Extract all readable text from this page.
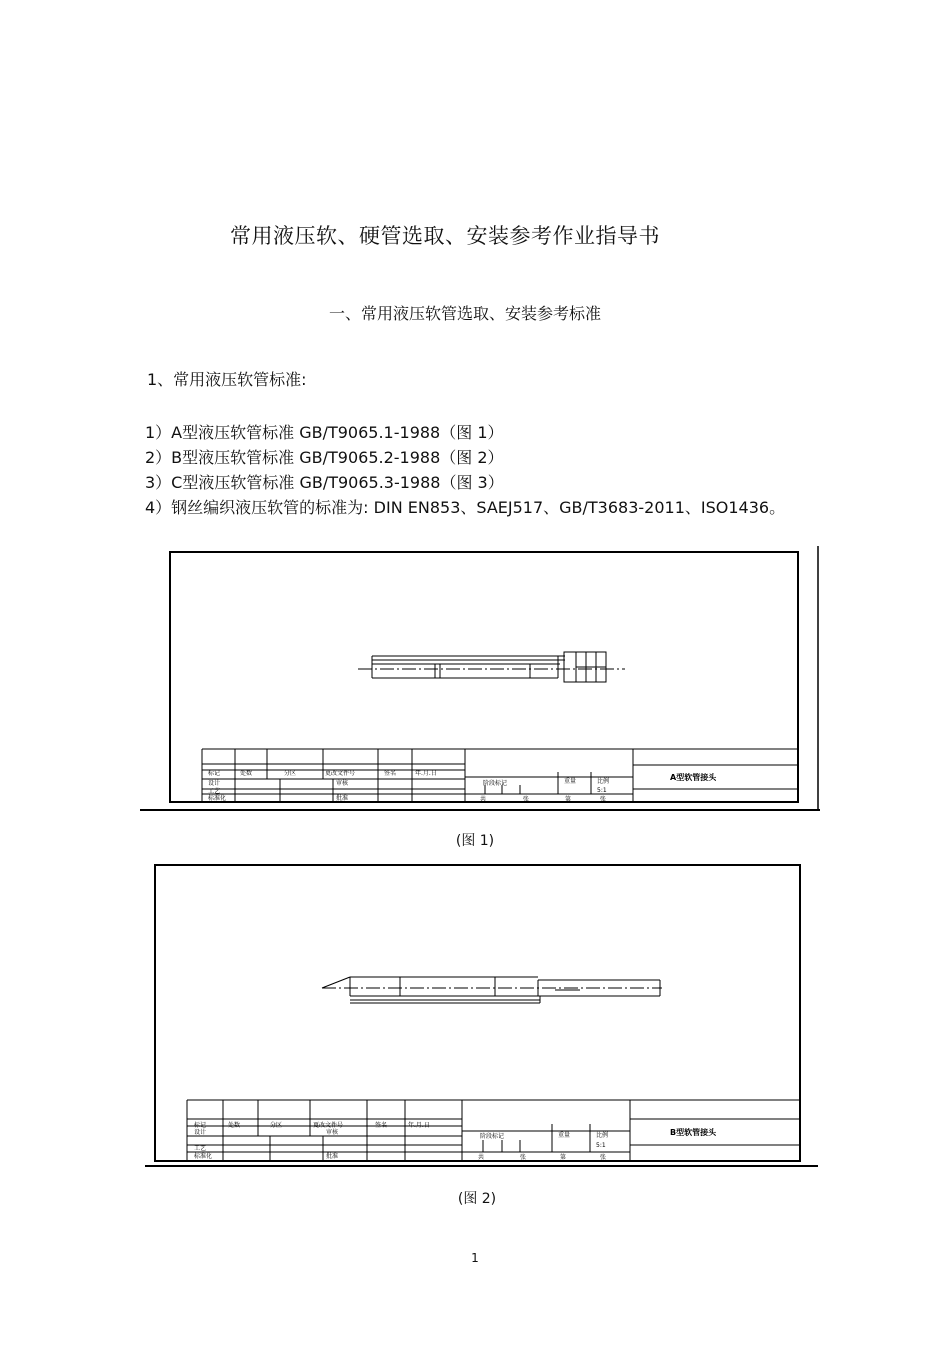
常用液压软、硬管选取、安装参考作业指导书
一、常用液压软管选取、安装参考标准
1、常用液压软管标准:
1）A型液压软管标准 GB/T9065.1-1988（图 1）
2）B型液压软管标准 GB/T9065.2-1988（图 2）
3）C型液压软管标准 GB/T9065.3-1988（图 3）
4）钢丝编织液压软管的标准为: DIN EN853、SAEJ517、GB/T3683-2011、ISO1436。
标记	处数	分区	更改文件号	签名	年.月.日
设计	审核
工艺
标准化	批准
阶段标记	重量	比例
5:1
共	张	第	张
A型软管接头
(图 1)
标记	处数	分区	更改文件号	签名	年.月.日
设计	审核
工艺
标准化	批准
阶段标记	重量	比例
5:1
共	张	第	张
B型软管接头
(图 2)
1
